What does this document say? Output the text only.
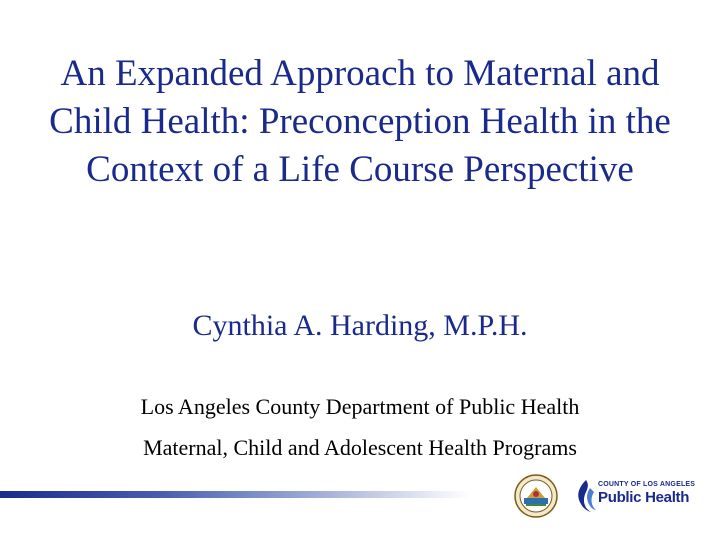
An Expanded Approach to Maternal and Child Health: Preconception Health in the Context of a Life Course Perspective
Cynthia A. Harding, M.P.H.
Los Angeles County Department of Public Health
Maternal, Child and Adolescent Health Programs
COUNTY OF LOS ANGELES
Public Health
